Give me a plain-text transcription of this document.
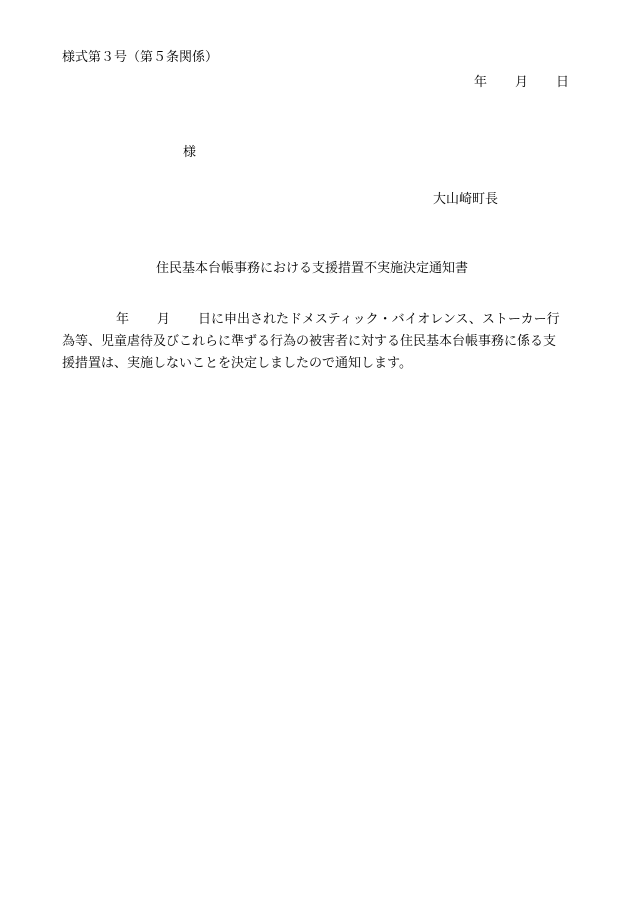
様式第３号（第５条関係）
年 月 日
様
大山崎町長
住民基本台帳事務における支援措置不実施決定通知書
年 月 日に申出されたドメスティック・バイオレンス、ストーカー行
為等、児童虐待及びこれらに準ずる行為の被害者に対する住民基本台帳事務に係る支
援措置は、実施しないことを決定しましたので通知します。
